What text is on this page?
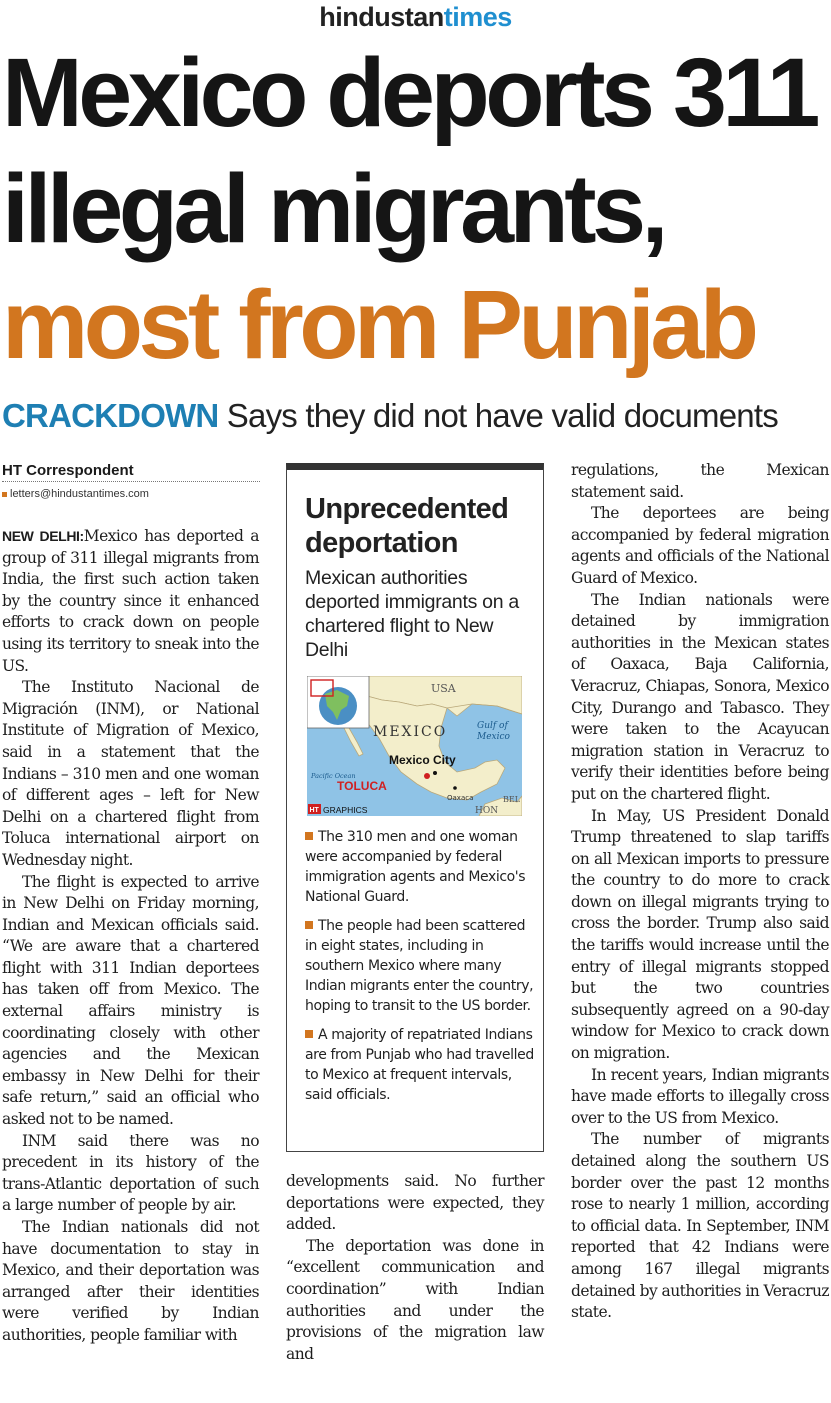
hindustantimes
Mexico deports 311
illegal migrants,
most from Punjab
CRACKDOWN Says they did not have valid documents
HT Correspondent
letters@hindustantimes.com

NEW DELHI:Mexico has deported a group of 311 illegal migrants from India, the first such action taken by the country since it enhanced efforts to crack down on people using its territory to sneak into the US.

The Instituto Nacional de Migración (INM), or National Institute of Migration of Mexico, said in a statement that the Indians – 310 men and one woman of different ages – left for New Delhi on a chartered flight from Toluca international airport on Wednesday night.

The flight is expected to arrive in New Delhi on Friday morning, Indian and Mexican officials said. “We are aware that a chartered flight with 311 Indian deportees has taken off from Mexico. The external affairs ministry is coordinating closely with other agencies and the Mexican embassy in New Delhi for their safe return,” said an official who asked not to be named.

INM said there was no precedent in its history of the trans-Atlantic deportation of such a large number of people by air.

The Indian nationals did not have documentation to stay in Mexico, and their deportation was arranged after their identities were verified by Indian authorities, people familiar with

Unprecedented deportation
Mexican authorities deported immigrants on a chartered flight to New Delhi
USA
MEXICO	Gulf of
Mexico
Pacific Ocean
Mexico City
TOLUCA
Oaxaca
HON
BEL
HT GRAPHICS

The 310 men and one woman were accompanied by federal immigration agents and Mexico's National Guard.

The people had been scattered in eight states, including in southern Mexico where many Indian migrants enter the country, hoping to transit to the US border.

A majority of repatriated Indians are from Punjab who had travelled to Mexico at frequent intervals, said officials.

developments said. No further deportations were expected, they added.

The deportation was done in “excellent communication and coordination” with Indian authorities and under the provisions of the migration law and

regulations, the Mexican statement said.

The deportees are being accompanied by federal migration agents and officials of the National Guard of Mexico.

The Indian nationals were detained by immigration authorities in the Mexican states of Oaxaca, Baja California, Veracruz, Chiapas, Sonora, Mexico City, Durango and Tabasco. They were taken to the Acayucan migration station in Veracruz to verify their identities before being put on the chartered flight.

In May, US President Donald Trump threatened to slap tariffs on all Mexican imports to pressure the country to do more to crack down on illegal migrants trying to cross the border. Trump also said the tariffs would increase until the entry of illegal migrants stopped but the two countries subsequently agreed on a 90-day window for Mexico to crack down on migration.

In recent years, Indian migrants have made efforts to illegally cross over to the US from Mexico.

The number of migrants detained along the southern US border over the past 12 months rose to nearly 1 million, according to official data. In September, INM reported that 42 Indians were among 167 illegal migrants detained by authorities in Veracruz state.
